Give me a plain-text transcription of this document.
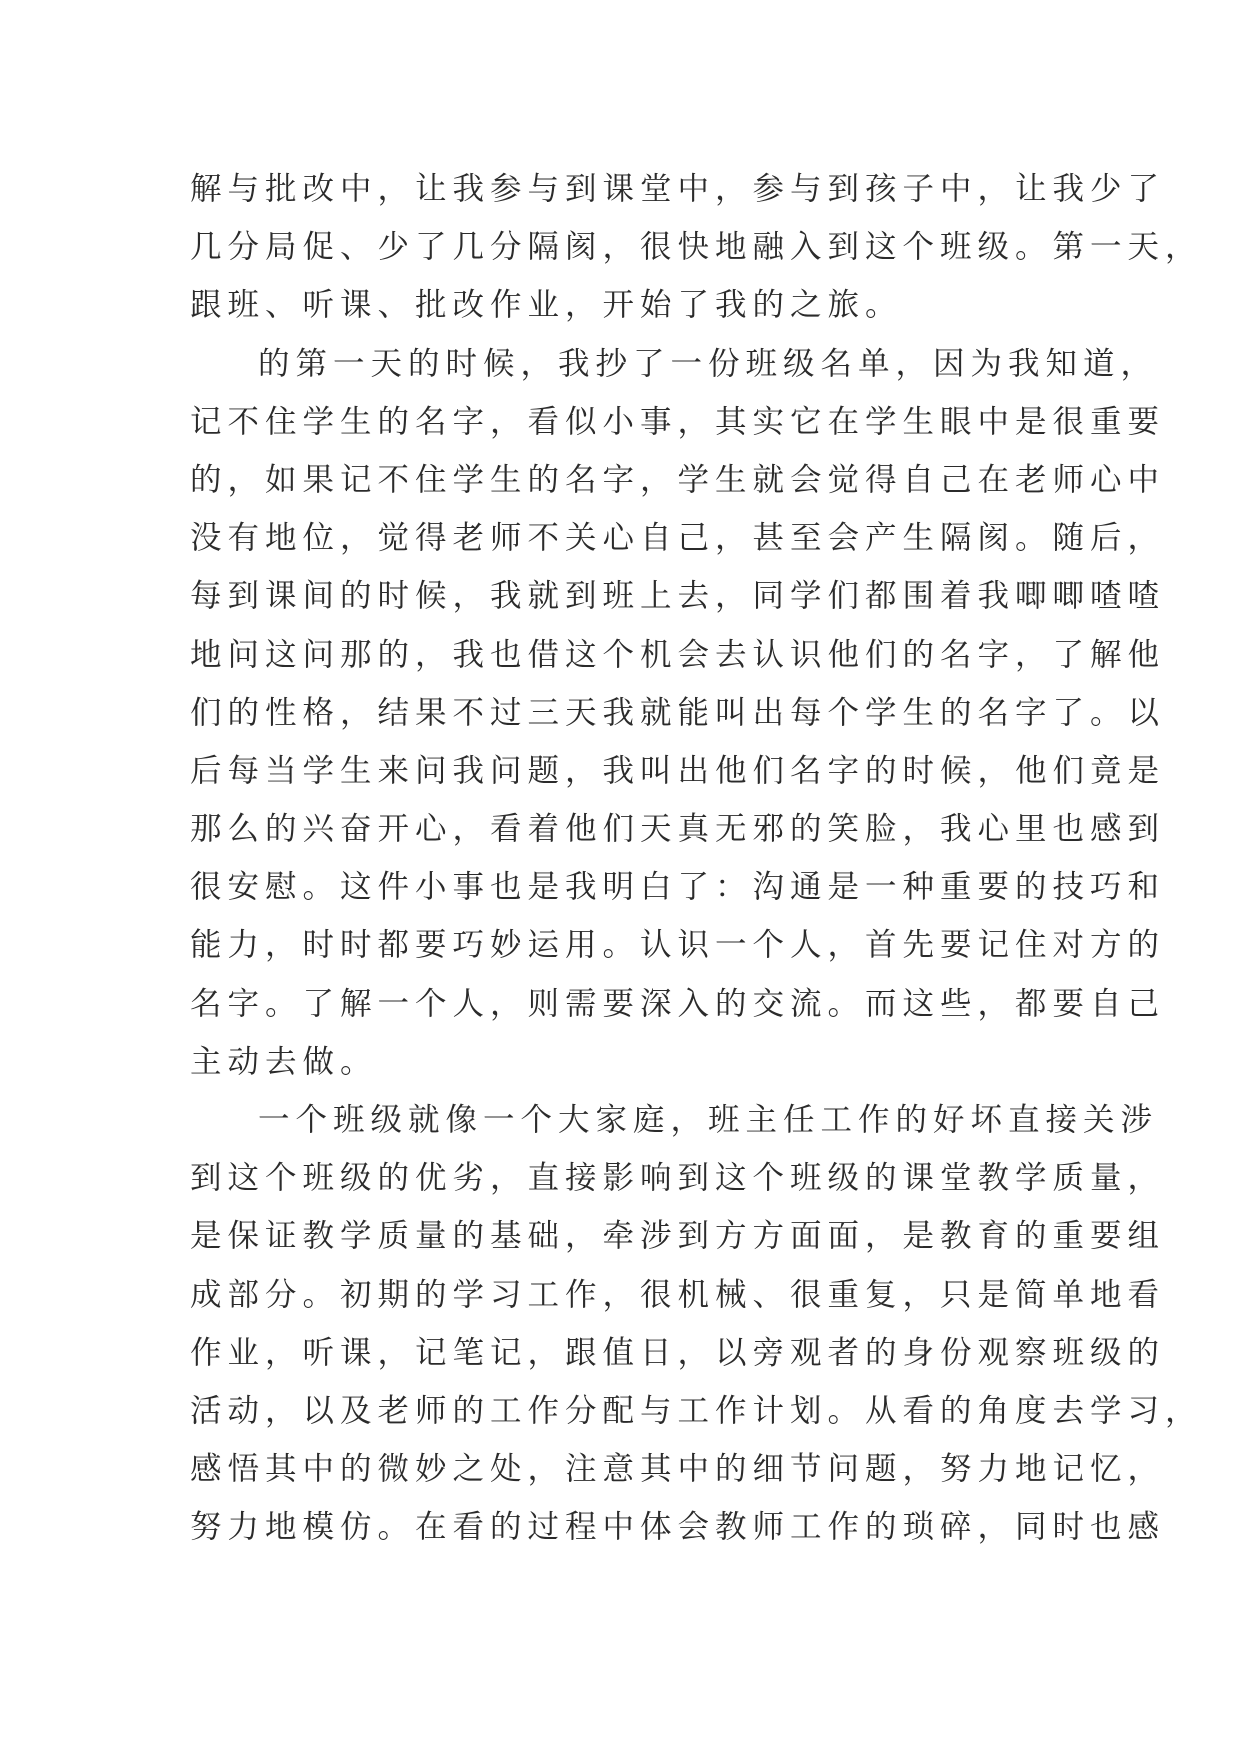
解与批改中，让我参与到课堂中，参与到孩子中，让我少了
几分局促、少了几分隔阂，很快地融入到这个班级。第一天，
跟班、听课、批改作业，开始了我的之旅。
的第一天的时候，我抄了一份班级名单，因为我知道，
记不住学生的名字，看似小事，其实它在学生眼中是很重要
的，如果记不住学生的名字，学生就会觉得自己在老师心中
没有地位，觉得老师不关心自己，甚至会产生隔阂。随后，
每到课间的时候，我就到班上去，同学们都围着我唧唧喳喳
地问这问那的，我也借这个机会去认识他们的名字，了解他
们的性格，结果不过三天我就能叫出每个学生的名字了。以
后每当学生来问我问题，我叫出他们名字的时候，他们竟是
那么的兴奋开心，看着他们天真无邪的笑脸，我心里也感到
很安慰。这件小事也是我明白了：沟通是一种重要的技巧和
能力，时时都要巧妙运用。认识一个人，首先要记住对方的
名字。了解一个人，则需要深入的交流。而这些，都要自己
主动去做。
一个班级就像一个大家庭，班主任工作的好坏直接关涉
到这个班级的优劣，直接影响到这个班级的课堂教学质量，
是保证教学质量的基础，牵涉到方方面面，是教育的重要组
成部分。初期的学习工作，很机械、很重复，只是简单地看
作业，听课，记笔记，跟值日，以旁观者的身份观察班级的
活动，以及老师的工作分配与工作计划。从看的角度去学习，
感悟其中的微妙之处，注意其中的细节问题，努力地记忆，
努力地模仿。在看的过程中体会教师工作的琐碎，同时也感
